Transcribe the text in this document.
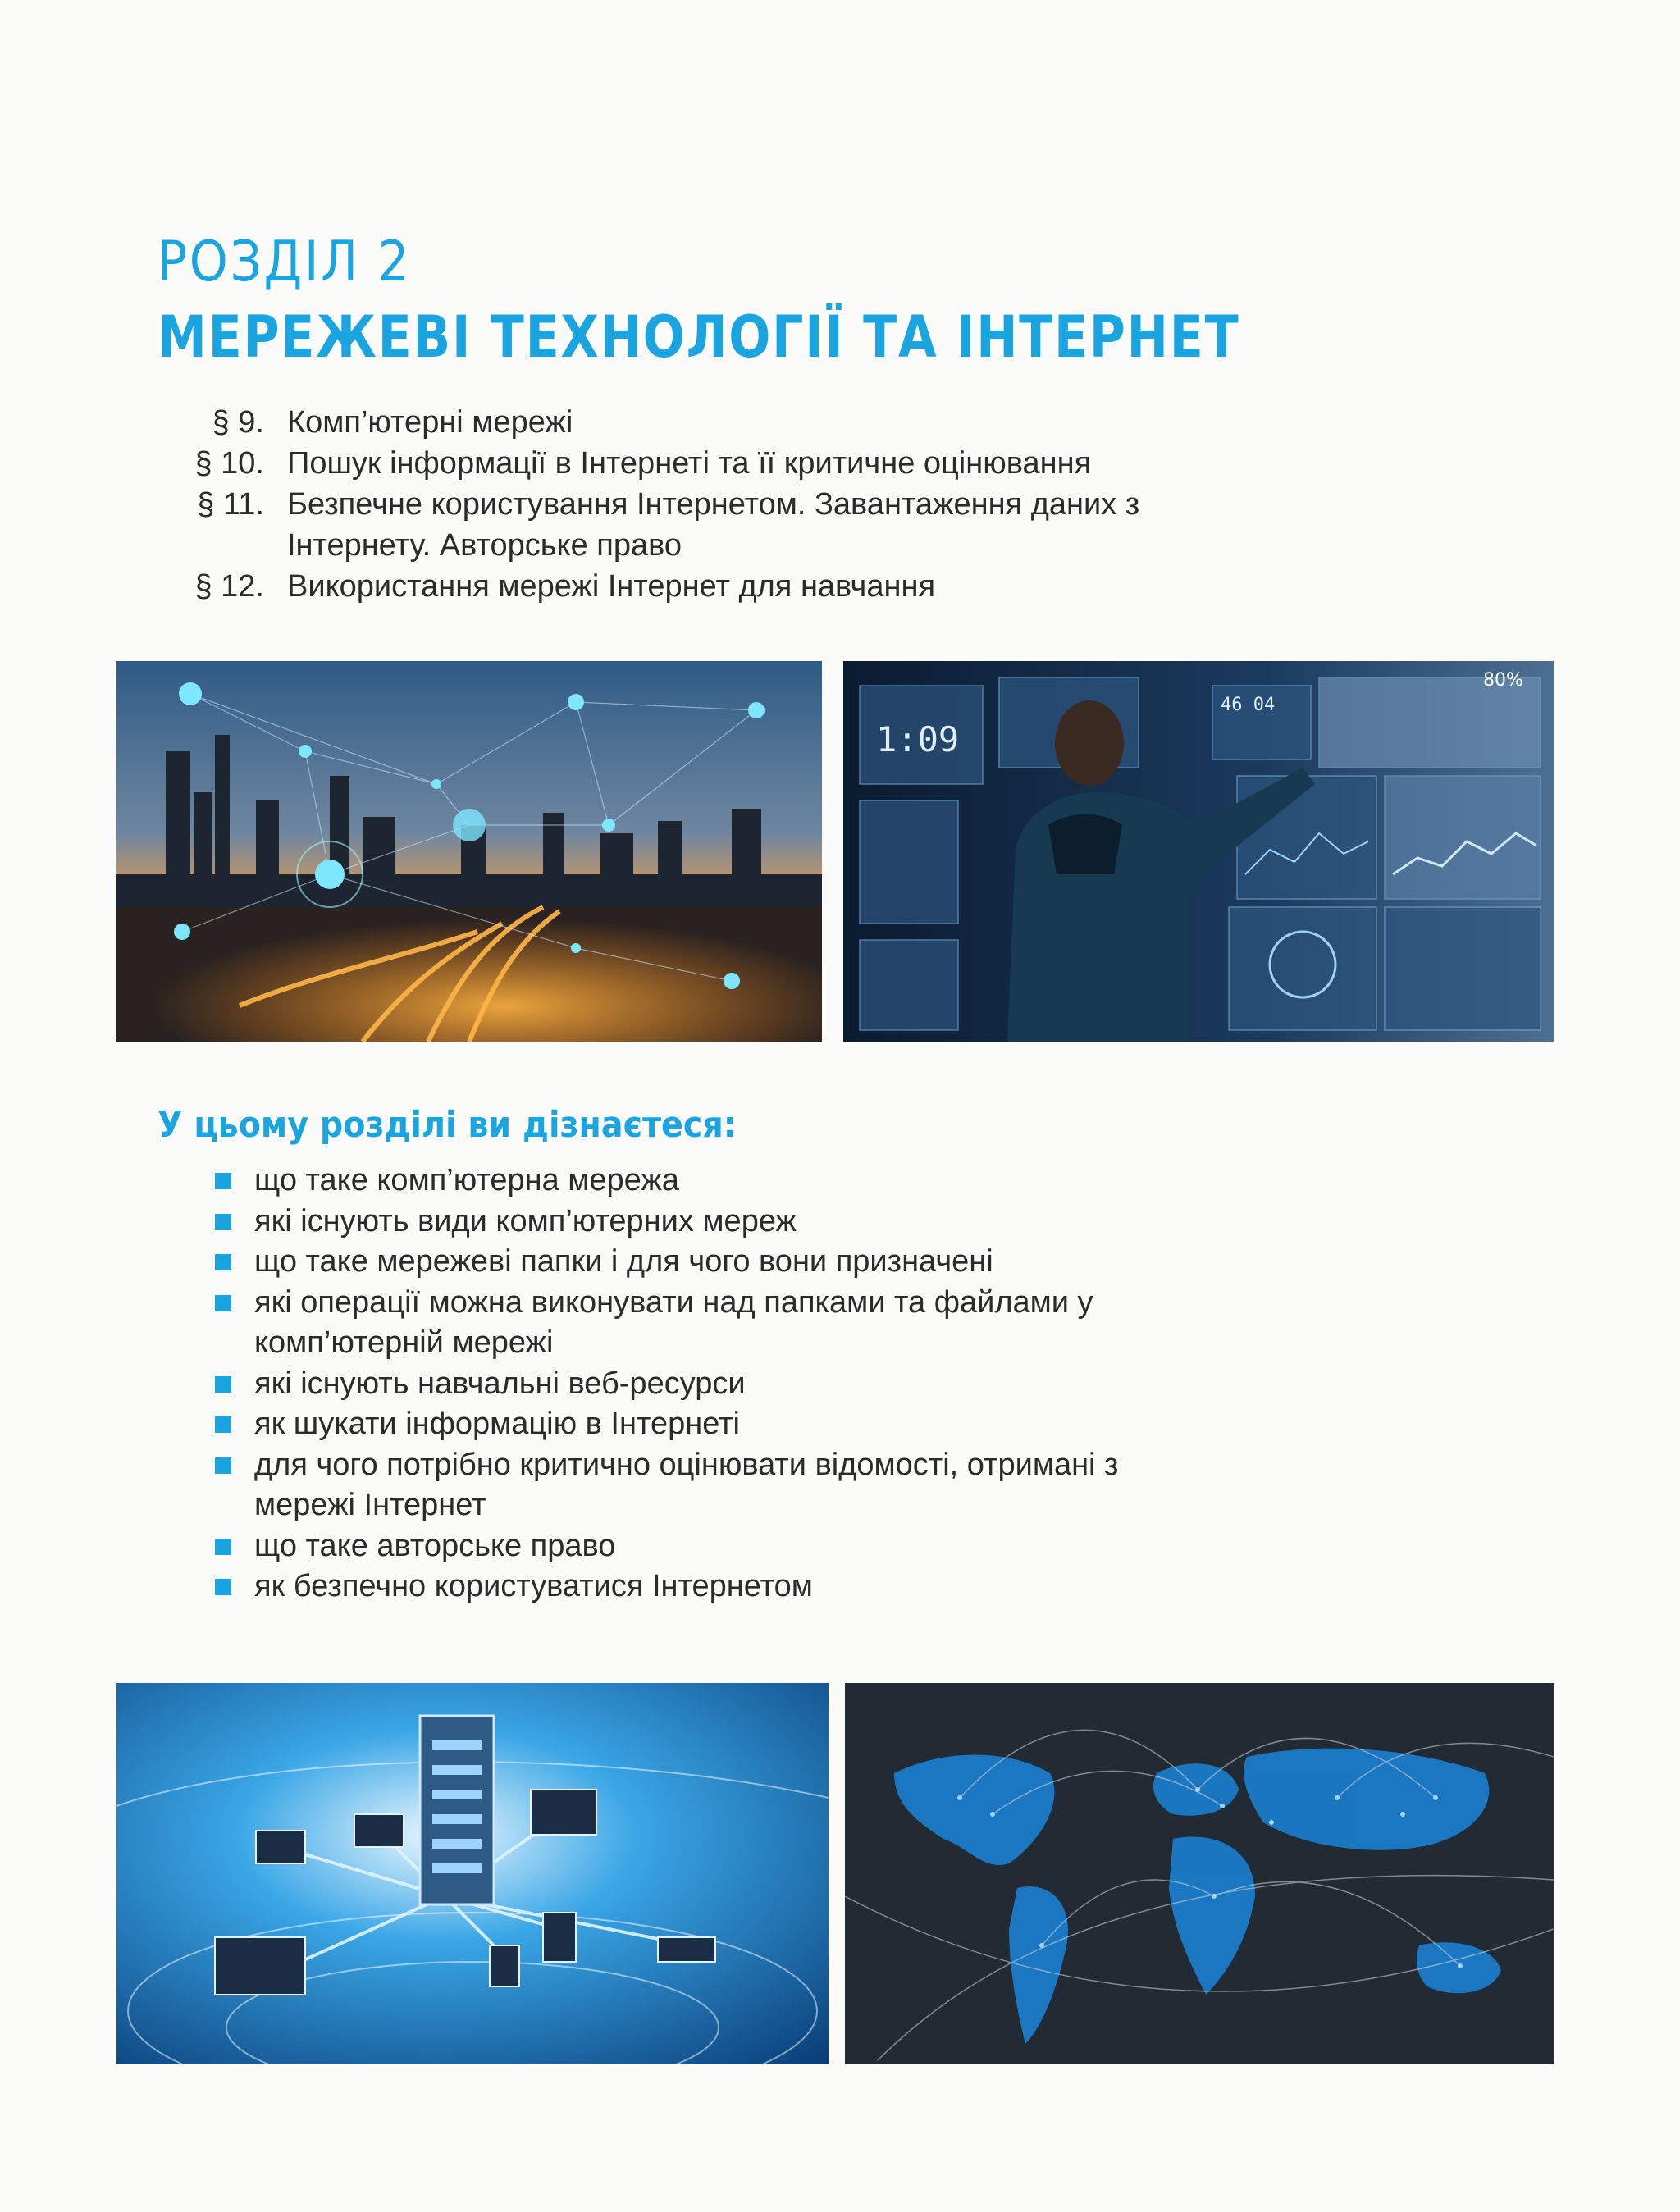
РОЗДІЛ 2
МЕРЕЖЕВІ ТЕХНОЛОГІЇ ТА ІНТЕРНЕТ
§ 9. Комп’ютерні мережі
§ 10. Пошук інформації в Інтернеті та її критичне оцінювання
§ 11. Безпечне користування Інтернетом. Завантаження даних з Інтернету. Авторське право
§ 12. Використання мережі Інтернет для навчання
1:09
46 04
80%
У цьому розділі ви дізнаєтеся:
що таке комп’ютерна мережа
які існують види комп’ютерних мереж
що таке мережеві папки і для чого вони призначені
які операції можна виконувати над папками та файлами у комп’ютерній мережі
які існують навчальні веб-ресурси
як шукати інформацію в Інтернеті
для чого потрібно критично оцінювати відомості, отримані з мережі Інтернет
що таке авторське право
як безпечно користуватися Інтернетом
